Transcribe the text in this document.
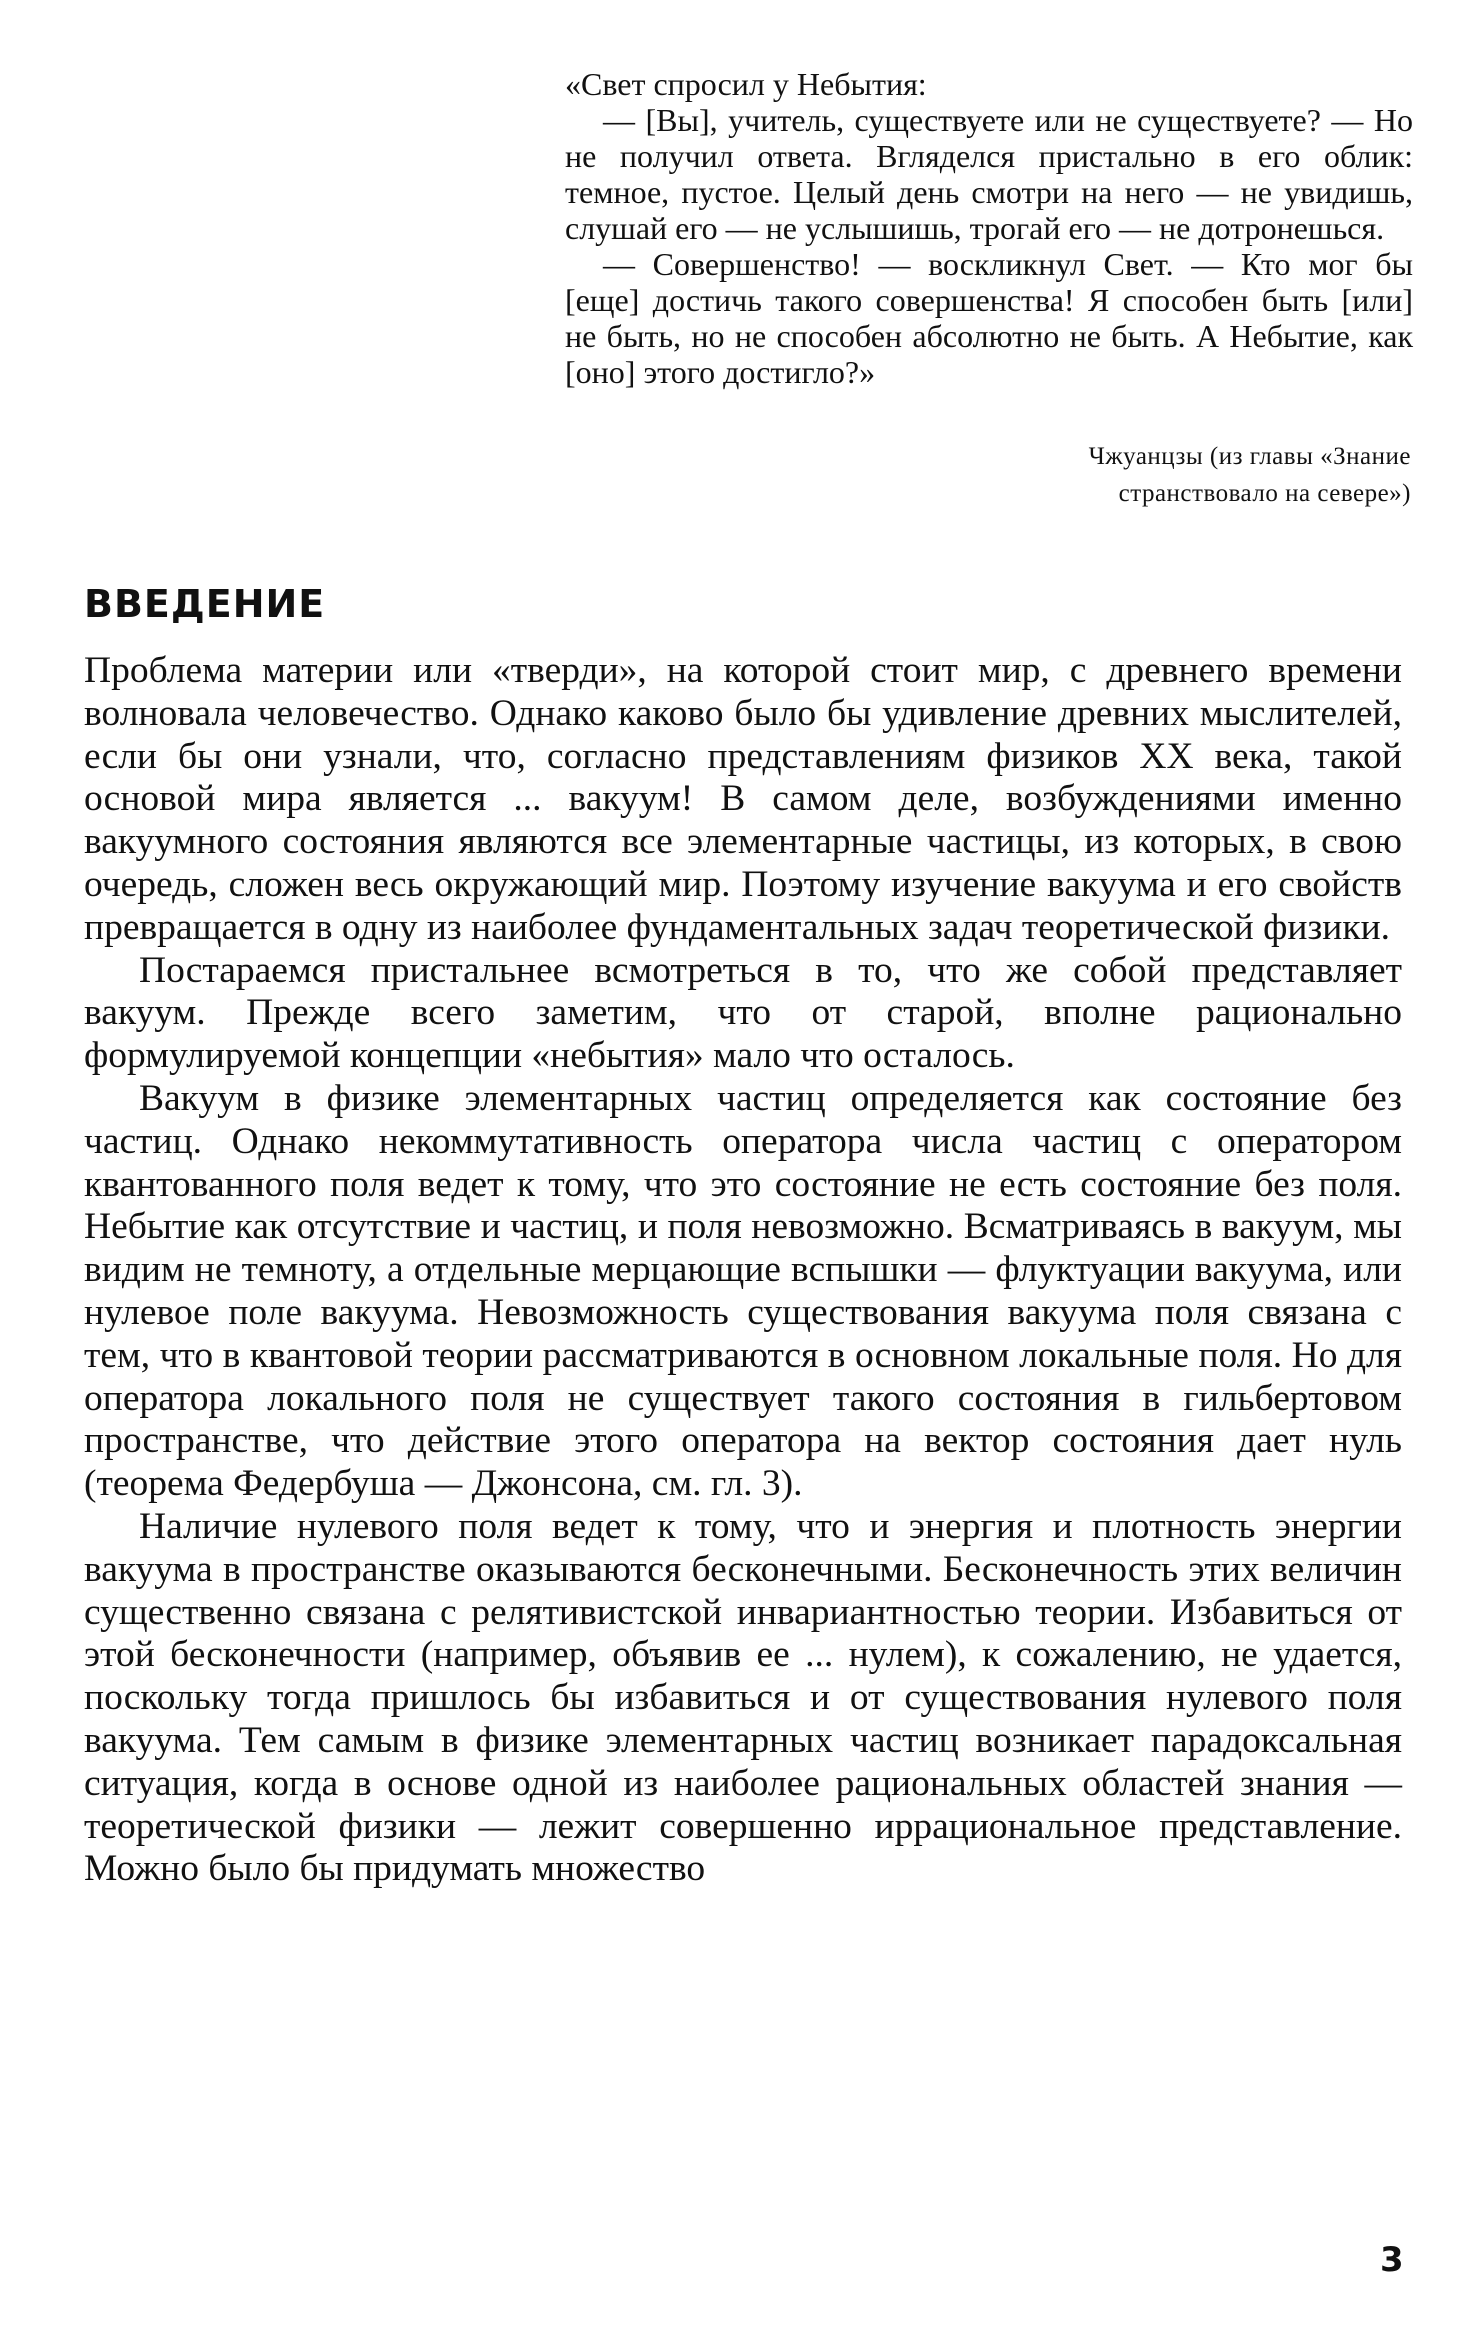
«Свет спросил у Небытия:

— [Вы], учитель, существуете или не существуете? — Но не получил ответа. Вгляделся пристально в его облик: темное, пустое. Целый день смотри на него — не увидишь, слушай его — не услышишь, трогай его — не дотронешься.

— Совершенство! — воскликнул Свет. — Кто мог бы [еще] достичь такого совершенства! Я способен быть [или] не быть, но не способен абсолютно не быть. А Небытие, как [оно] этого достигло?»

Чжуанцзы (из главы «Знание
странствовало на севере»)
ВВЕДЕНИЕ

Проблема материи или «тверди», на которой стоит мир, с древнего времени волновала человечество. Однако каково было бы удивление древних мыслителей, если бы они узнали, что, согласно представлениям физиков XX века, такой основой мира является ... вакуум! В самом деле, возбуждениями именно вакуумного состояния являются все элементарные частицы, из которых, в свою очередь, сложен весь окружающий мир. Поэтому изучение вакуума и его свойств превращается в одну из наиболее фундаментальных задач теоретической физики.

Постараемся пристальнее всмотреться в то, что же собой представляет вакуум. Прежде всего заметим, что от старой, вполне рационально формулируемой концепции «небытия» мало что осталось.

Вакуум в физике элементарных частиц определяется как состояние без частиц. Однако некоммутативность оператора числа частиц с оператором квантованного поля ведет к тому, что это состояние не есть состояние без поля. Небытие как отсутствие и частиц, и поля невозможно. Всматриваясь в вакуум, мы видим не темноту, а отдельные мерцающие вспышки — флуктуации вакуума, или нулевое поле вакуума. Невозможность существования вакуума поля связана с тем, что в квантовой теории рассматриваются в основном локальные поля. Но для оператора локального поля не существует такого состояния в гильбертовом пространстве, что действие этого оператора на вектор состояния дает нуль (теорема Федербуша — Джонсона, см. гл. 3).

Наличие нулевого поля ведет к тому, что и энергия и плотность энергии вакуума в пространстве оказываются бесконечными. Бесконечность этих величин существенно связана с релятивистской инвариантностью теории. Избавиться от этой бесконечности (например, объявив ее ... нулем), к сожалению, не удается, поскольку тогда пришлось бы избавиться и от существования нулевого поля вакуума. Тем самым в физике элементарных частиц возникает парадоксальная ситуация, когда в основе одной из наиболее рациональных областей знания — теоретической физики — лежит совершенно иррациональное представление. Можно было бы придумать множество

3
